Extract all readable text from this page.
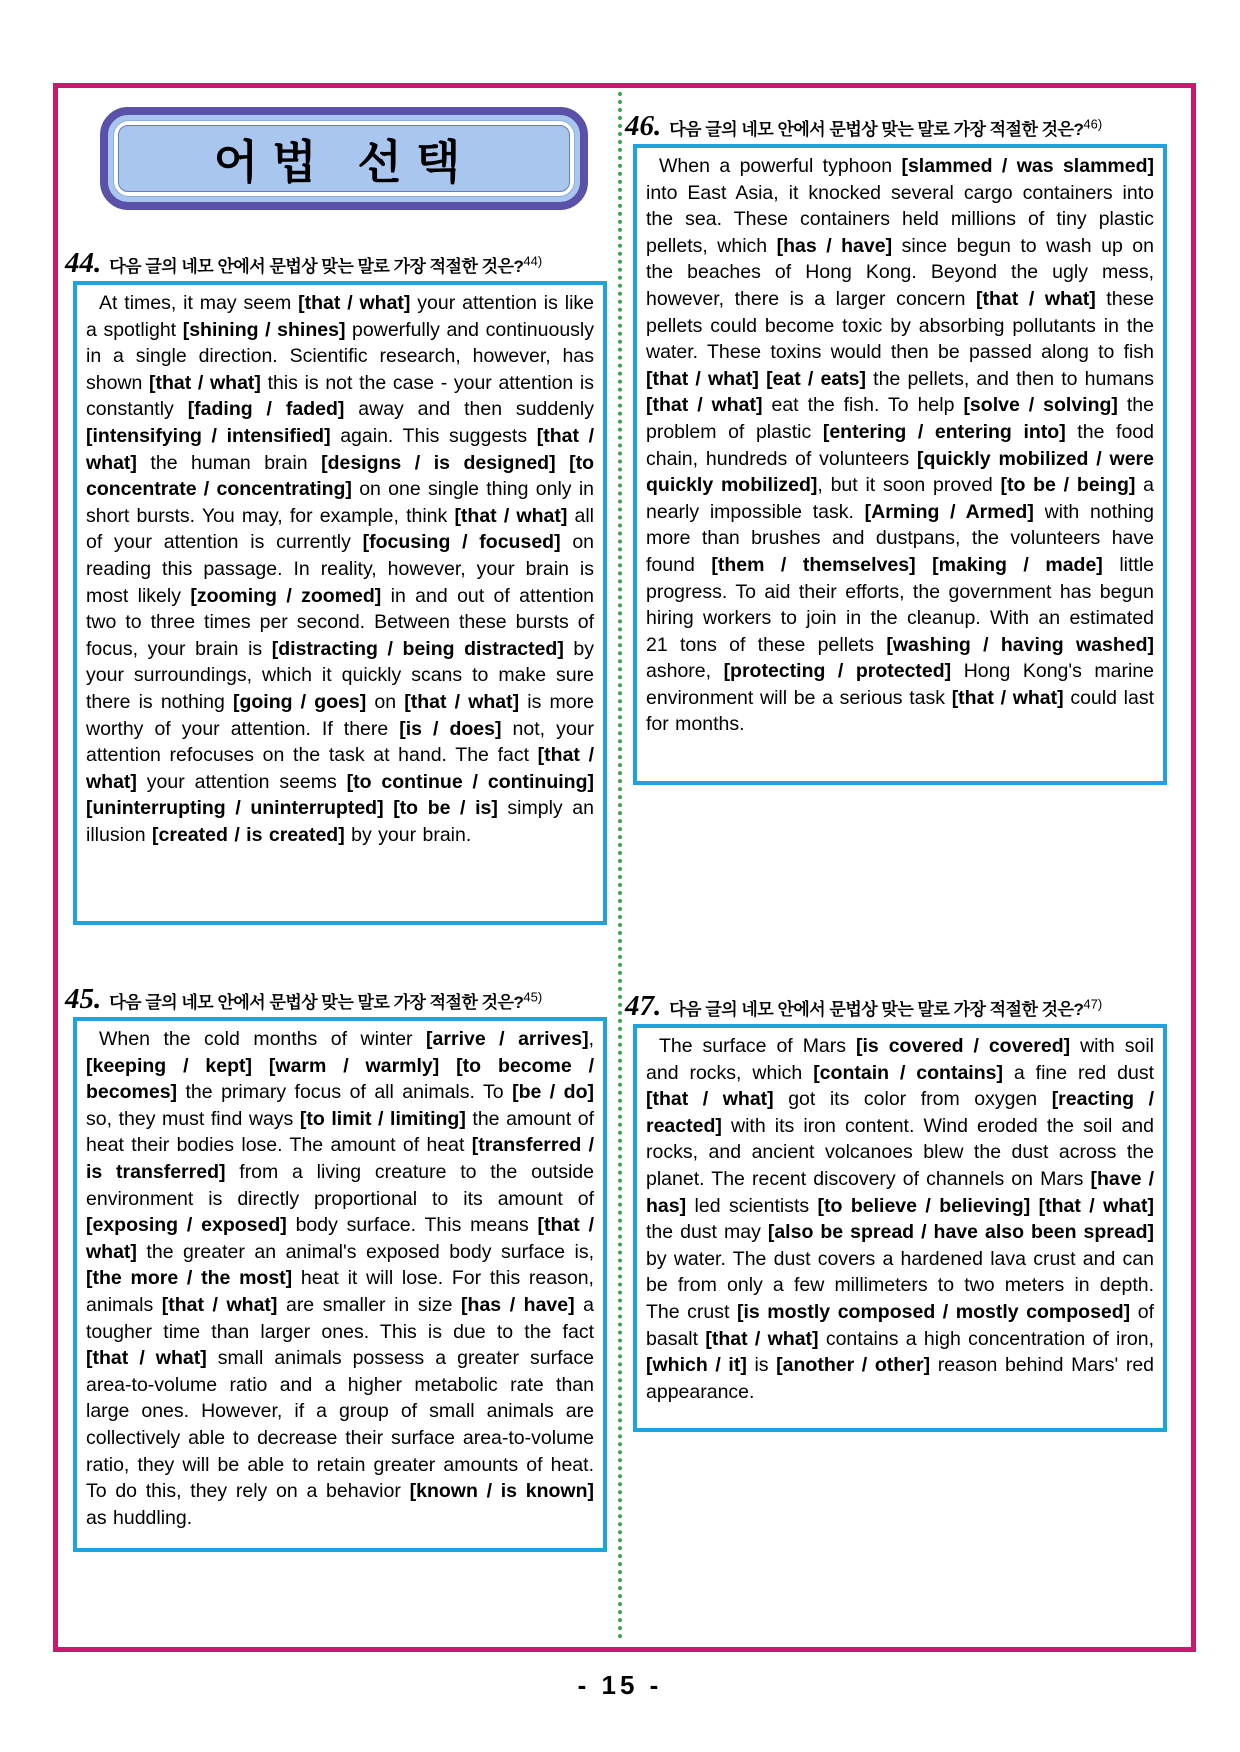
어법 선택
44. 다음 글의 네모 안에서 문법상 맞는 말로 가장 적절한 것은?$^{44)}$

At times, it may seem [that / what] your attention is like a spotlight [shining / shines] powerfully and continuously in a single direction. Scientific research, however, has shown [that / what] this is not the case - your attention is constantly [fading / faded] away and then suddenly [intensifying / intensified] again. This suggests [that / what] the human brain [designs / is designed] [to concentrate / concentrating] on one single thing only in short bursts. You may, for example, think [that / what] all of your attention is currently [focusing / focused] on reading this passage. In reality, however, your brain is most likely [zooming / zoomed] in and out of attention two to three times per second. Between these bursts of focus, your brain is [distracting / being distracted] by your surroundings, which it quickly scans to make sure there is nothing [going / goes] on [that / what] is more worthy of your attention. If there [is / does] not, your attention refocuses on the task at hand. The fact [that / what] your attention seems [to continue / continuing] [uninterrupting / uninterrupted] [to be / is] simply an illusion [created / is created] by your brain.

45. 다음 글의 네모 안에서 문법상 맞는 말로 가장 적절한 것은?$^{45)}$

When the cold months of winter [arrive / arrives], [keeping / kept] [warm / warmly] [to become / becomes] the primary focus of all animals. To [be / do] so, they must find ways [to limit / limiting] the amount of heat their bodies lose. The amount of heat [transferred / is transferred] from a living creature to the outside environment is directly proportional to its amount of [exposing / exposed] body surface. This means [that / what] the greater an animal's exposed body surface is, [the more / the most] heat it will lose. For this reason, animals [that / what] are smaller in size [has / have] a tougher time than larger ones. This is due to the fact [that / what] small animals possess a greater surface area-to-volume ratio and a higher metabolic rate than large ones. However, if a group of small animals are collectively able to decrease their surface area-to-volume ratio, they will be able to retain greater amounts of heat. To do this, they rely on a behavior [known / is known] as huddling.

46. 다음 글의 네모 안에서 문법상 맞는 말로 가장 적절한 것은?$^{46)}$

When a powerful typhoon [slammed / was slammed] into East Asia, it knocked several cargo containers into the sea. These containers held millions of tiny plastic pellets, which [has / have] since begun to wash up on the beaches of Hong Kong. Beyond the ugly mess, however, there is a larger concern [that / what] these pellets could become toxic by absorbing pollutants in the water. These toxins would then be passed along to fish [that / what] [eat / eats] the pellets, and then to humans [that / what] eat the fish. To help [solve / solving] the problem of plastic [entering / entering into] the food chain, hundreds of volunteers [quickly mobilized / were quickly mobilized], but it soon proved [to be / being] a nearly impossible task. [Arming / Armed] with nothing more than brushes and dustpans, the volunteers have found [them / themselves] [making / made] little progress. To aid their efforts, the government has begun hiring workers to join in the cleanup. With an estimated 21 tons of these pellets [washing / having washed] ashore, [protecting / protected] Hong Kong's marine environment will be a serious task [that / what] could last for months.

47. 다음 글의 네모 안에서 문법상 맞는 말로 가장 적절한 것은?$^{47)}$

The surface of Mars [is covered / covered] with soil and rocks, which [contain / contains] a fine red dust [that / what] got its color from oxygen [reacting / reacted] with its iron content. Wind eroded the soil and rocks, and ancient volcanoes blew the dust across the planet. The recent discovery of channels on Mars [have / has] led scientists [to believe / believing] [that / what] the dust may [also be spread / have also been spread] by water. The dust covers a hardened lava crust and can be from only a few millimeters to two meters in depth. The crust [is mostly composed / mostly composed] of basalt [that / what] contains a high concentration of iron, [which / it] is [another / other] reason behind Mars' red appearance.

- 15 -
